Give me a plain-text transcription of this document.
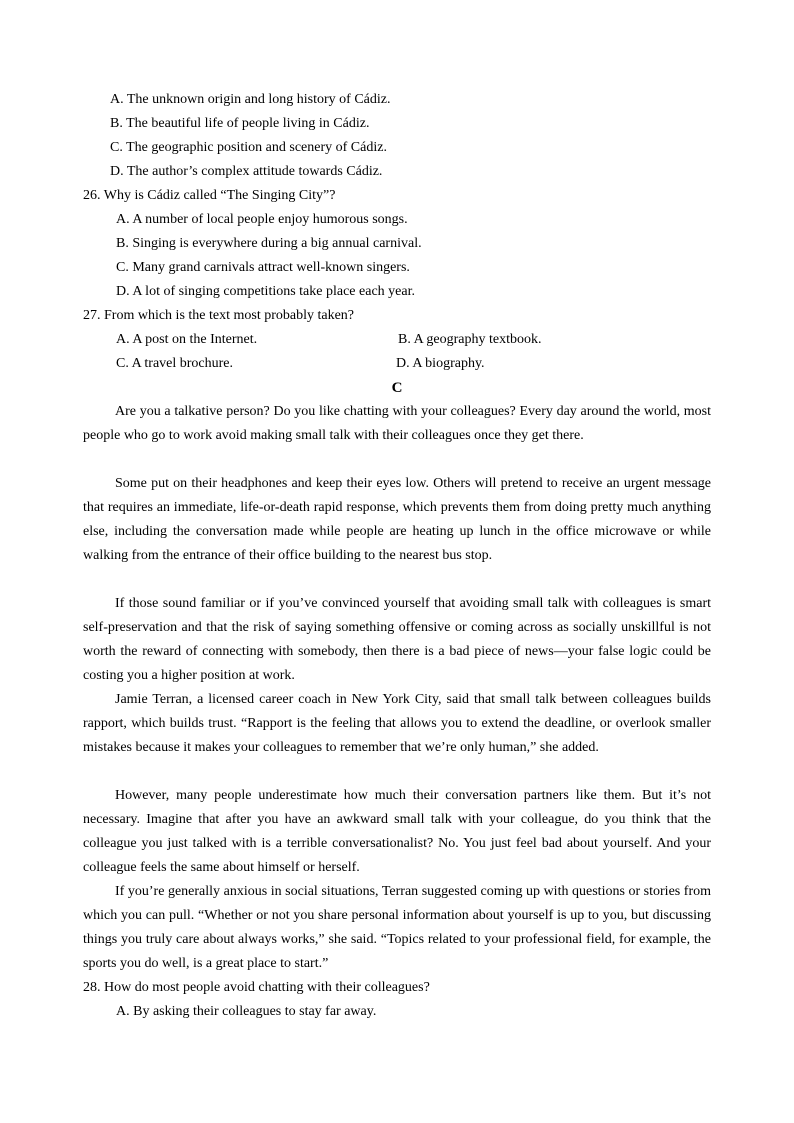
A. The unknown origin and long history of Cádiz.
B. The beautiful life of people living in Cádiz.
C. The geographic position and scenery of Cádiz.
D. The author’s complex attitude towards Cádiz.
26. Why is Cádiz called “The Singing City”?
A. A number of local people enjoy humorous songs.
B. Singing is everywhere during a big annual carnival.
C. Many grand carnivals attract well-known singers.
D. A lot of singing competitions take place each year.
27. From which is the text most probably taken?
A. A post on the Internet.	B. A geography textbook.
C. A travel brochure.	D. A biography.
C

Are you a talkative person? Do you like chatting with your colleagues? Every day around the world, most people who go to work avoid making small talk with their colleagues once they get there.

Some put on their headphones and keep their eyes low. Others will pretend to receive an urgent message that requires an immediate, life-or-death rapid response, which prevents them from doing pretty much anything else, including the conversation made while people are heating up lunch in the office microwave or while walking from the entrance of their office building to the nearest bus stop.

If those sound familiar or if you’ve convinced yourself that avoiding small talk with colleagues is smart self-preservation and that the risk of saying something offensive or coming across as socially unskillful is not worth the reward of connecting with somebody, then there is a bad piece of news—your false logic could be costing you a higher position at work.

Jamie Terran, a licensed career coach in New York City, said that small talk between colleagues builds rapport, which builds trust. “Rapport is the feeling that allows you to extend the deadline, or overlook smaller mistakes because it makes your colleagues to remember that we’re only human,” she added.

However, many people underestimate how much their conversation partners like them. But it’s not necessary. Imagine that after you have an awkward small talk with your colleague, do you think that the colleague you just talked with is a terrible conversationalist? No. You just feel bad about yourself. And your colleague feels the same about himself or herself.

If you’re generally anxious in social situations, Terran suggested coming up with questions or stories from which you can pull. “Whether or not you share personal information about yourself is up to you, but discussing things you truly care about always works,” she said. “Topics related to your professional field, for example, the sports you do well, is a great place to start.”

28. How do most people avoid chatting with their colleagues?
A. By asking their colleagues to stay far away.
